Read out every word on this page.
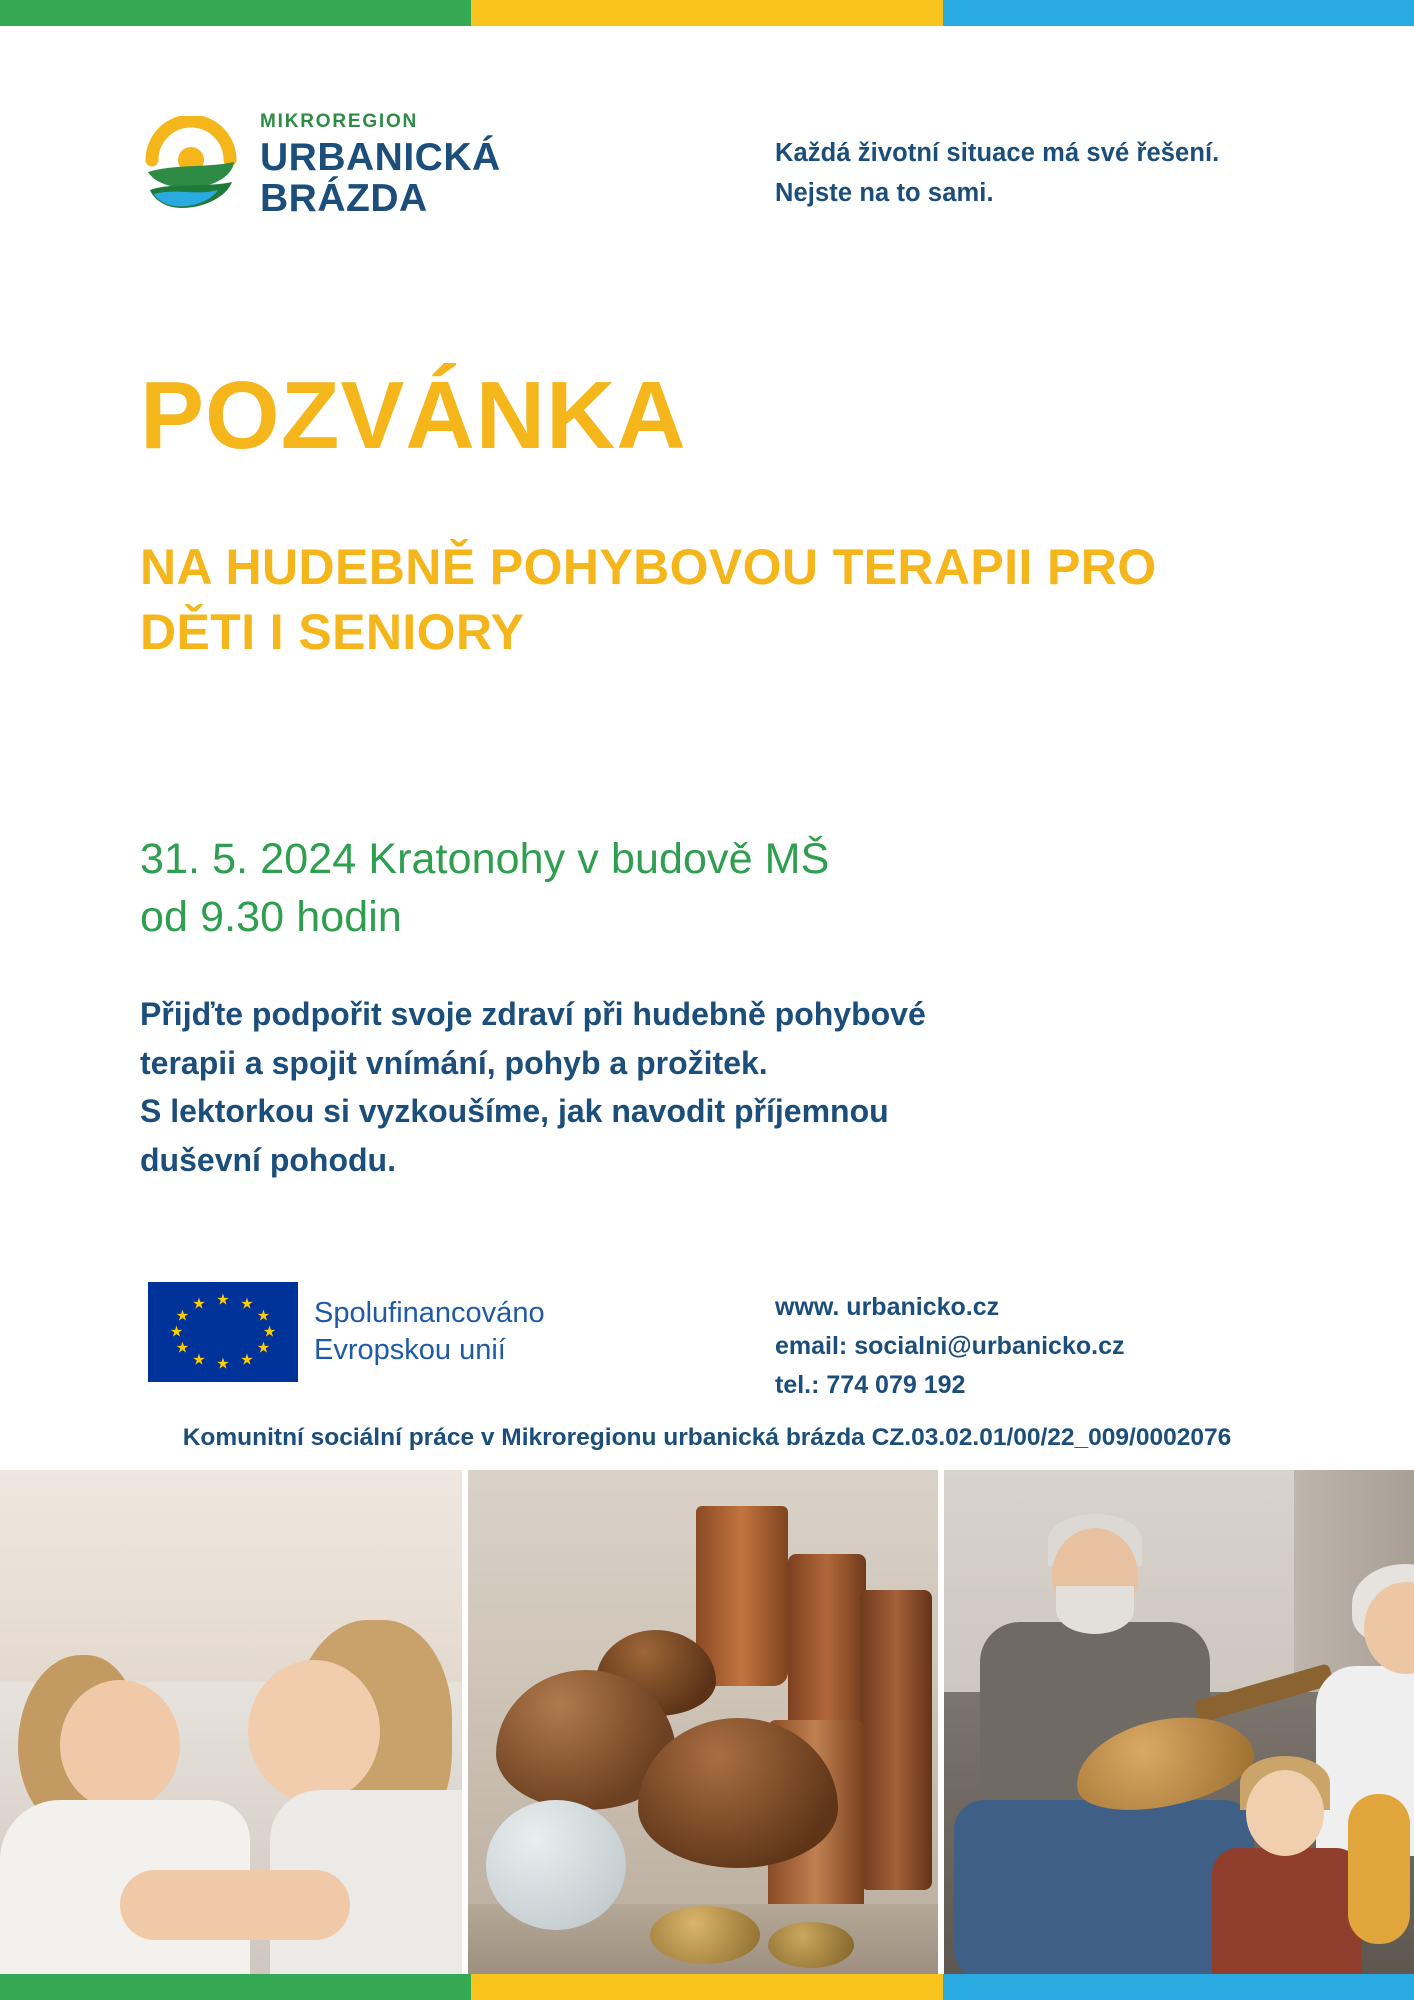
MIKROREGION
URBANICKÁ
BRÁZDA
Každá životní situace má své řešení.
Nejste na to sami.
POZVÁNKA
NA HUDEBNĚ POHYBOVOU TERAPII PRO DĚTI I SENIORY
31. 5. 2024 Kratonohy v budově MŠ
od 9.30 hodin
Přijďte podpořit svoje zdraví při hudebně pohybové
terapii a spojit vnímání, pohyb a prožitek.
S lektorkou si vyzkoušíme, jak navodit příjemnou
duševní pohodu.
★ ★
★
★
★
★
★
★
★
★
★
★	Spolufinancováno
Evropskou unií
www. urbanicko.cz
email: socialni@urbanicko.cz
tel.: 774 079 192
Komunitní sociální práce v Mikroregionu urbanická brázda CZ.03.02.01/00/22_009/0002076
